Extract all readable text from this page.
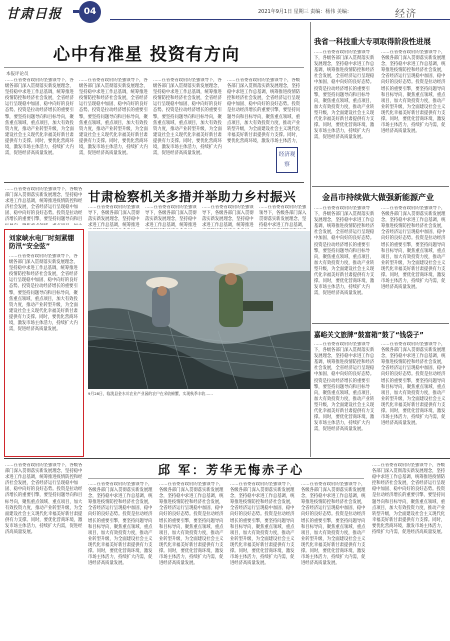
甘肃日报	04	2021年9月1日 星期三 责编：杨伟 美编：	经济
心中有准星 投资有方向
本报评论员
……在省委省政府的坚强领导下，各级各部门深入贯彻落实新发展理念，坚持稳中求进工作总基调，统筹推进疫情防控和经济社会发展，全省经济运行呈现稳中加固、稳中向好的良好态势。投资是拉动经济增长的重要引擎，要坚持问题导向和目标导向，聚焦重点领域、重点项目，加大有效投资力度，推动产业转型升级，为全面建设社会主义现代化幸福美好新甘肃提供有力支撑。同时，要优化营商环境，激发市场主体活力，持续扩大内需，促进经济高质量发展。
……在省委省政府的坚强领导下，各级各部门深入贯彻落实新发展理念，坚持稳中求进工作总基调，统筹推进疫情防控和经济社会发展，全省经济运行呈现稳中加固、稳中向好的良好态势。投资是拉动经济增长的重要引擎，要坚持问题导向和目标导向，聚焦重点领域、重点项目，加大有效投资力度，推动产业转型升级，为全面建设社会主义现代化幸福美好新甘肃提供有力支撑。同时，要优化营商环境，激发市场主体活力，持续扩大内需，促进经济高质量发展。
……在省委省政府的坚强领导下，各级各部门深入贯彻落实新发展理念，坚持稳中求进工作总基调，统筹推进疫情防控和经济社会发展，全省经济运行呈现稳中加固、稳中向好的良好态势。投资是拉动经济增长的重要引擎，要坚持问题导向和目标导向，聚焦重点领域、重点项目，加大有效投资力度，推动产业转型升级，为全面建设社会主义现代化幸福美好新甘肃提供有力支撑。同时，要优化营商环境，激发市场主体活力，持续扩大内需，促进经济高质量发展。
……在省委省政府的坚强领导下，各级各部门深入贯彻落实新发展理念，坚持稳中求进工作总基调，统筹推进疫情防控和经济社会发展，全省经济运行呈现稳中加固、稳中向好的良好态势。投资是拉动经济增长的重要引擎，要坚持问题导向和目标导向，聚焦重点领域、重点项目，加大有效投资力度，推动产业转型升级，为全面建设社会主义现代化幸福美好新甘肃提供有力支撑。同时，要优化营商环境，激发市场主体活力，
经济观察
……在省委省政府的坚强领导下，各级各部门深入贯彻落实新发展理念，坚持稳中求进工作总基调，统筹推进疫情防控和经济社会发展，全省经济运行呈现稳中加固、稳中向好的良好态势。投资是拉动经济增长的重要引擎，要坚持问题导向和目
甘肃检察机关多措并举助力乡村振兴
……在省委省政府的坚强领导下，各级各部门深入贯彻落实新发展理念，坚持稳中求进工作总基调，统筹推进
……在省委省政府的坚强领导下，各级各部门深入贯彻落实新发展理念，坚持稳中求进工作总基调，统筹推进
……在省委省政府的坚强领导下，各级各部门深入贯彻落实新发展理念，坚持稳中求进工作总基调，统筹推进
……在省委省政府的坚强领导下，各级各部门深入贯彻落实新发展理念，坚持稳中求进工作总基调，
9月28日，临洮县金水川农业产业园的农户在采收螃蟹，实现秋季丰收……
刘家峡水电厂时刻紧绷防汛“安全弦”
……在省委省政府的坚强领导下，各级各部门深入贯彻落实新发展理念，坚持稳中求进工作总基调，统筹推进疫情防控和经济社会发展，全省经济运行呈现稳中加固、稳中向好的良好态势。投资是拉动经济增长的重要引擎，要坚持问题导向和目标导向，聚焦重点领域、重点项目，加大有效投资力度，推动产业转型升级，为全面建设社会主义现代化幸福美好新甘肃提供有力支撑。同时，要优化营商环境，激发市场主体活力，持续扩大内需，促进经济高质量发展。
我省一科技重大专项取得阶段性进展
……在省委省政府的坚强领导下，各级各部门深入贯彻落实新发展理念，坚持稳中求进工作总基调，统筹推进疫情防控和经济社会发展，全省经济运行呈现稳中加固、稳中向好的良好态势。投资是拉动经济增长的重要引擎，要坚持问题导向和目标导向，聚焦重点领域、重点项目，加大有效投资力度，推动产业转型升级，为全面建设社会主义现代化幸福美好新甘肃提供有力支撑。同时，要优化营商环境，激发市场主体活力，持续扩大内需，促进经济高质量发展。
……在省委省政府的坚强领导下，各级各部门深入贯彻落实新发展理念，坚持稳中求进工作总基调，统筹推进疫情防控和经济社会发展，全省经济运行呈现稳中加固、稳中向好的良好态势。投资是拉动经济增长的重要引擎，要坚持问题导向和目标导向，聚焦重点领域、重点项目，加大有效投资力度，推动产业转型升级，为全面建设社会主义现代化幸福美好新甘肃提供有力支撑。同时，要优化营商环境，激发市场主体活力，持续扩大内需，促进经济高质量发展。
金昌市持续做大做强新能源产业
……在省委省政府的坚强领导下，各级各部门深入贯彻落实新发展理念，坚持稳中求进工作总基调，统筹推进疫情防控和经济社会发展，全省经济运行呈现稳中加固、稳中向好的良好态势。投资是拉动经济增长的重要引擎，要坚持问题导向和目标导向，聚焦重点领域、重点项目，加大有效投资力度，推动产业转型升级，为全面建设社会主义现代化幸福美好新甘肃提供有力支撑。同时，要优化营商环境，激发市场主体活力，持续扩大内需，促进经济高质量发展。
……在省委省政府的坚强领导下，各级各部门深入贯彻落实新发展理念，坚持稳中求进工作总基调，统筹推进疫情防控和经济社会发展，全省经济运行呈现稳中加固、稳中向好的良好态势。投资是拉动经济增长的重要引擎，要坚持问题导向和目标导向，聚焦重点领域、重点项目，加大有效投资力度，推动产业转型升级，为全面建设社会主义现代化幸福美好新甘肃提供有力支撑。同时，要优化营商环境，激发市场主体活力，持续扩大内需，促进经济高质量发展。
嘉峪关文旅牌“鼓富箱”鼓了“钱袋子”
……在省委省政府的坚强领导下，各级各部门深入贯彻落实新发展理念，坚持稳中求进工作总基调，统筹推进疫情防控和经济社会发展，全省经济运行呈现稳中加固、稳中向好的良好态势。投资是拉动经济增长的重要引擎，要坚持问题导向和目标导向，聚焦重点领域、重点项目，加大有效投资力度，推动产业转型升级，为全面建设社会主义现代化幸福美好新甘肃提供有力支撑。同时，要优化营商环境，激发市场主体活力，持续扩大内需，促进经济高质量发展。
……在省委省政府的坚强领导下，各级各部门深入贯彻落实新发展理念，坚持稳中求进工作总基调，统筹推进疫情防控和经济社会发展，全省经济运行呈现稳中加固、稳中向好的良好态势。投资是拉动经济增长的重要引擎，要坚持问题导向和目标导向，聚焦重点领域、重点项目，加大有效投资力度，推动产业转型升级，为全面建设社会主义现代化幸福美好新甘肃提供有力支撑。同时，要优化营商环境，激发市场主体活力，持续扩大内需，促进经济高质量发展。
邱 军：芳华无悔赤子心
……在省委省政府的坚强领导下，各级各部门深入贯彻落实新发展理念，坚持稳中求进工作总基调，统筹推进疫情防控和经济社会发展，全省经济运行呈现稳中加固、稳中向好的良好态势。投资是拉动经济增长的重要引擎，要坚持问题导向和目标导向，聚焦重点领域、重点项目，加大有效投资力度，推动产业转型升级，为全面建设社会主义现代化幸福美好新甘肃提供有力支撑。同时，要优化营商环境，激发市场主体活力，持续扩大内需，促进经济高质量发展。
……在省委省政府的坚强领导下，各级各部门深入贯彻落实新发展理念，坚持稳中求进工作总基调，统筹推进疫情防控和经济社会发展，全省经济运行呈现稳中加固、稳中向好的良好态势。投资是拉动经济增长的重要引擎，要坚持问题导向和目标导向，聚焦重点领域、重点项目，加大有效投资力度，推动产业转型升级，为全面建设社会主义现代化幸福美好新甘肃提供有力支撑。同时，要优化营商环境，激发市场主体活力，持续扩大内需，促进经济高质量发展。
……在省委省政府的坚强领导下，各级各部门深入贯彻落实新发展理念，坚持稳中求进工作总基调，统筹推进疫情防控和经济社会发展，全省经济运行呈现稳中加固、稳中向好的良好态势。投资是拉动经济增长的重要引擎，要坚持问题导向和目标导向，聚焦重点领域、重点项目，加大有效投资力度，推动产业转型升级，为全面建设社会主义现代化幸福美好新甘肃提供有力支撑。同时，要优化营商环境，激发市场主体活力，持续扩大内需，促进经济高质量发展。
……在省委省政府的坚强领导下，各级各部门深入贯彻落实新发展理念，坚持稳中求进工作总基调，统筹推进疫情防控和经济社会发展，全省经济运行呈现稳中加固、稳中向好的良好态势。投资是拉动经济增长的重要引擎，要坚持问题导向和目标导向，聚焦重点领域、重点项目，加大有效投资力度，推动产业转型升级，为全面建设社会主义现代化幸福美好新甘肃提供有力支撑。同时，要优化营商环境，激发市场主体活力，持续扩大内需，促进经济高质量发展。
……在省委省政府的坚强领导下，各级各部门深入贯彻落实新发展理念，坚持稳中求进工作总基调，统筹推进疫情防控和经济社会发展，全省经济运行呈现稳中加固、稳中向好的良好态势。投资是拉动经济增长的重要引擎，要坚持问题导向和目标导向，聚焦重点领域、重点项目，加大有效投资力度，推动产业转型升级，为全面建设社会主义现代化幸福美好新甘肃提供有力支撑。同时，要优化营商环境，激发市场主体活力，持续扩大内需，促进经济高质量发展。
……在省委省政府的坚强领导下，各级各部门深入贯彻落实新发展理念，坚持稳中求进工作总基调，统筹推进疫情防控和经济社会发展，全省经济运行呈现稳中加固、稳中向好的良好态势。投资是拉动经济增长的重要引擎，要坚持问题导向和目标导向，聚焦重点领域、重点项目，加大有效投资力度，推动产业转型升级，为全面建设社会主义现代化幸福美好新甘肃提供有力支撑。同时，要优化营商环境，激发市场主体活力，持续扩大内需，促进经济高质量发展。
